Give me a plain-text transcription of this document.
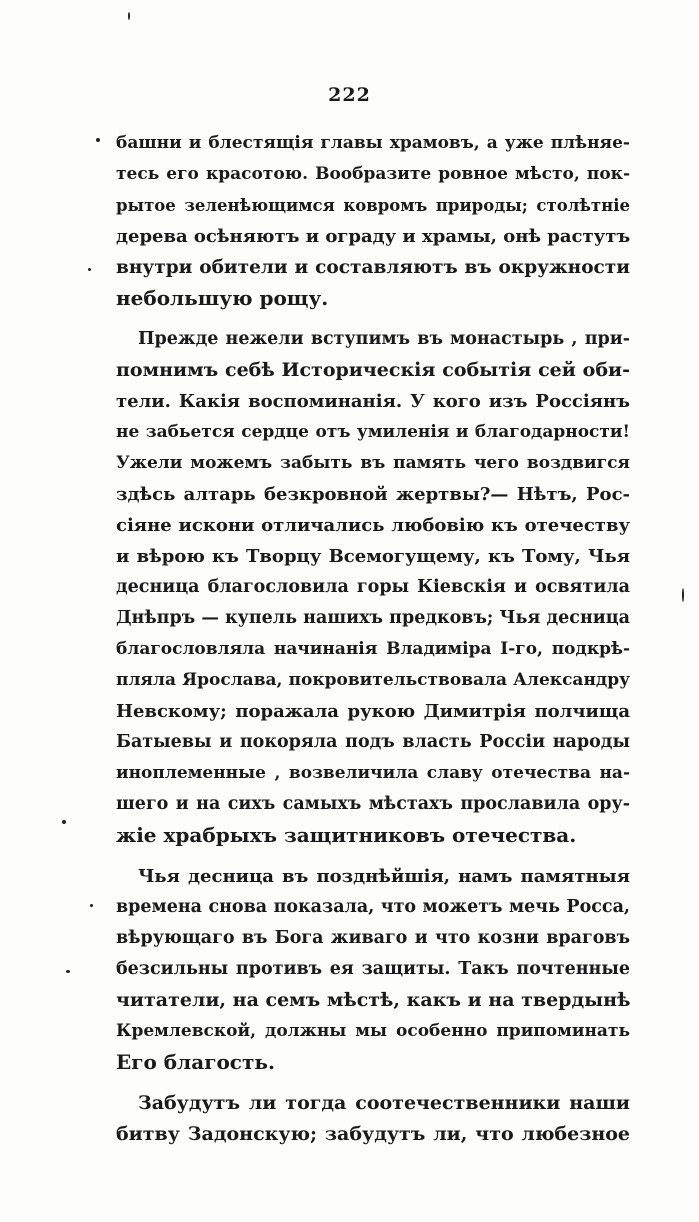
222
башни и блестящія главы храмовъ, а уже плѣняе-
тесь его красотою. Вообразите ровное мѣсто, пок-
рытое зеленѣющимся ковромъ природы; столѣтніе
дерева осѣняютъ и ограду и храмы, онѣ растутъ
внутри обители и составляютъ въ окружности
небольшую рощу.
Прежде нежели вступимъ въ монастырь , при-
помнимъ себѣ Историческія событія сей оби-
тели. Какія воспоминанія. У кого изъ Россіянъ
не забьется сердце отъ умиленія и благодарности!
Ужели можемъ забыть въ память чего воздвигся
здѣсь алтарь безкровной жертвы?— Нѣтъ, Рос-
сіяне искони отличались любовію къ отечеству
и вѣрою къ Творцу Всемогущему, къ Тому, Чья
десница благословила горы Кіевскія и освятила
Днѣпръ — купель нашихъ предковъ; Чья десница
благословляла начинанія Владиміра I-го, подкрѣ-
пляла Ярослава, покровительствовала Александру
Невскому; поражала рукою Димитрія полчища
Батыевы и покоряла подъ власть Россіи народы
иноплеменные , возвеличила славу отечества на-
шего и на сихъ самыхъ мѣстахъ прославила ору-
жіе храбрыхъ защитниковъ отечества.
Чья десница въ позднѣйшія, намъ памятныя
времена снова показала, что можетъ мечь Росса,
вѣрующаго въ Бога живаго и что козни враговъ
безсильны противъ ея защиты. Такъ почтенные
читатели, на семъ мѣстѣ, какъ и на твердынѣ
Кремлевской, должны мы особенно припоминать
Его благость.
Забудутъ ли тогда соотечественники наши
битву Задонскую; забудутъ ли, что любезное
